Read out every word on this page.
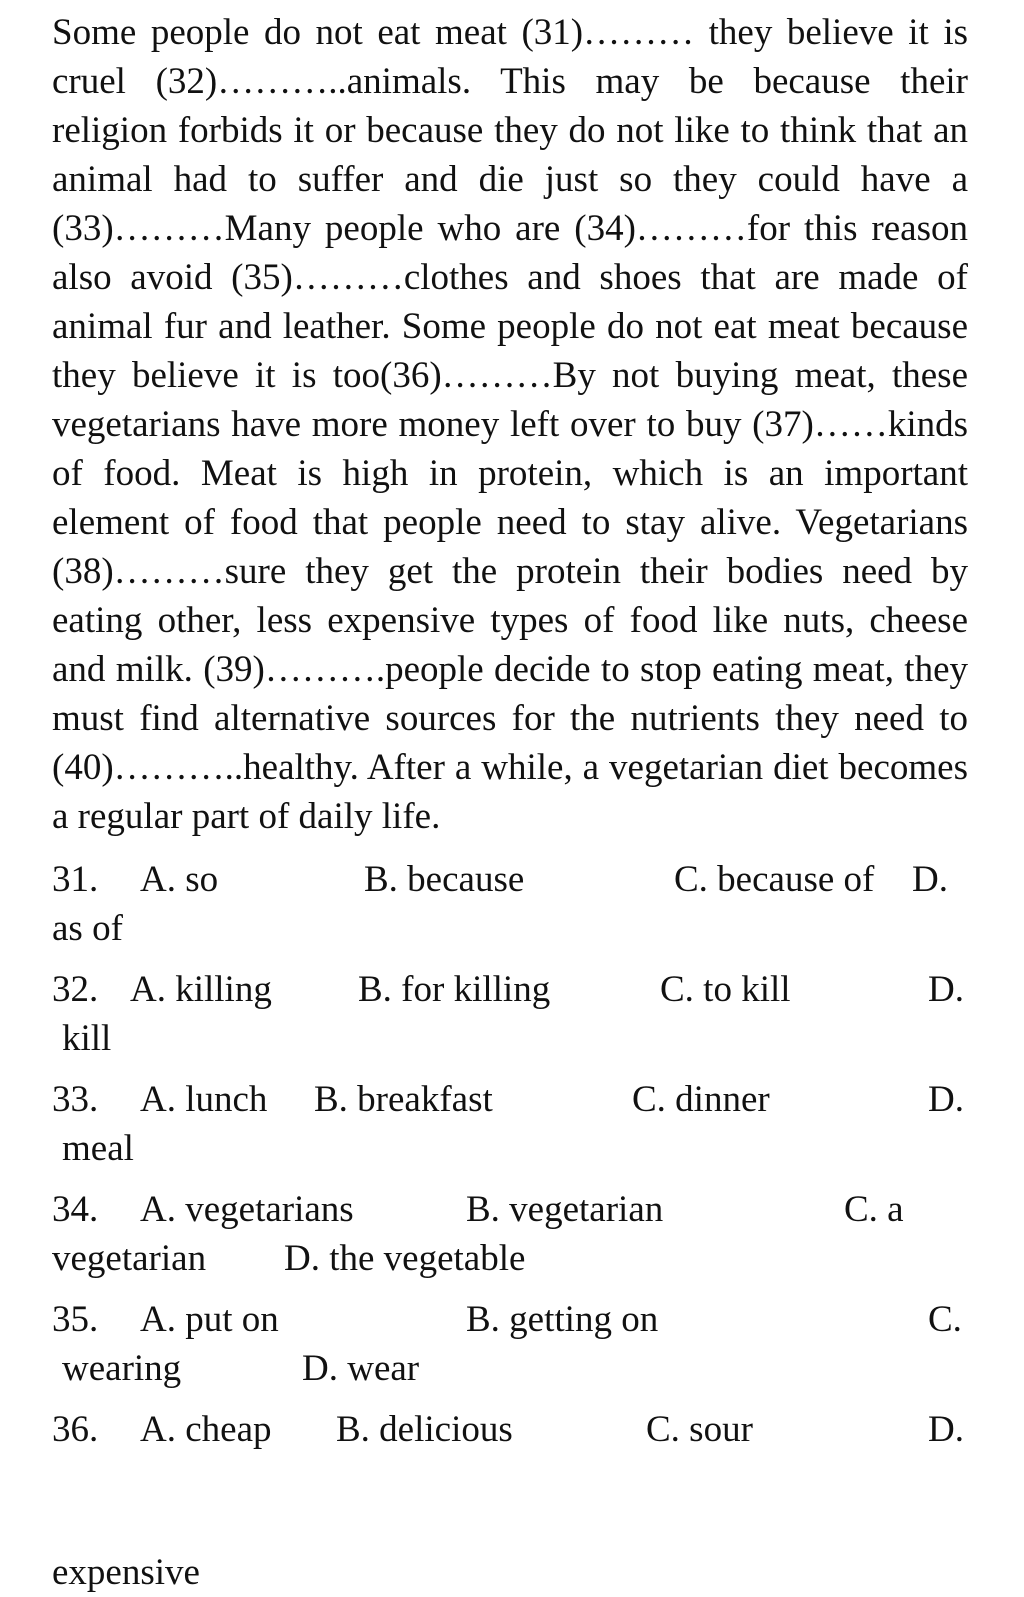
Some people do not eat meat (31)……… they believe it is cruel (32)………..animals. This may be because their religion forbids it or because they do not like to think that an animal had to suffer and die just so they could have a (33)………Many people who are (34)………for this reason also avoid (35)………clothes and shoes that are made of animal fur and leather. Some people do not eat meat because they believe it is too(36)………By not buying meat, these vegetarians have more money left over to buy (37)……kinds of food. Meat is high in protein, which is an important element of food that people need to stay alive. Vegetarians (38)………sure they get the protein their bodies need by eating other, less expensive types of food like nuts, cheese and milk. (39)……….people decide to stop eating meat, they must find alternative sources for the nutrients they need to (40)………..healthy. After a while, a vegetarian diet becomes a regular part of daily life.

31. A. so	B. because	C. because of D.
as of
32. A. killing B. for killing	C. to kill	D.
kill
33. A. lunch B. breakfast	C. dinner	D.
meal
34. A. vegetarians	B. vegetarian	C. a
vegetarian D. the vegetable
35. A. put on	B. getting on	C.
wearing	D. wear
36. A. cheap B. delicious	C. sour	D.
expensive
